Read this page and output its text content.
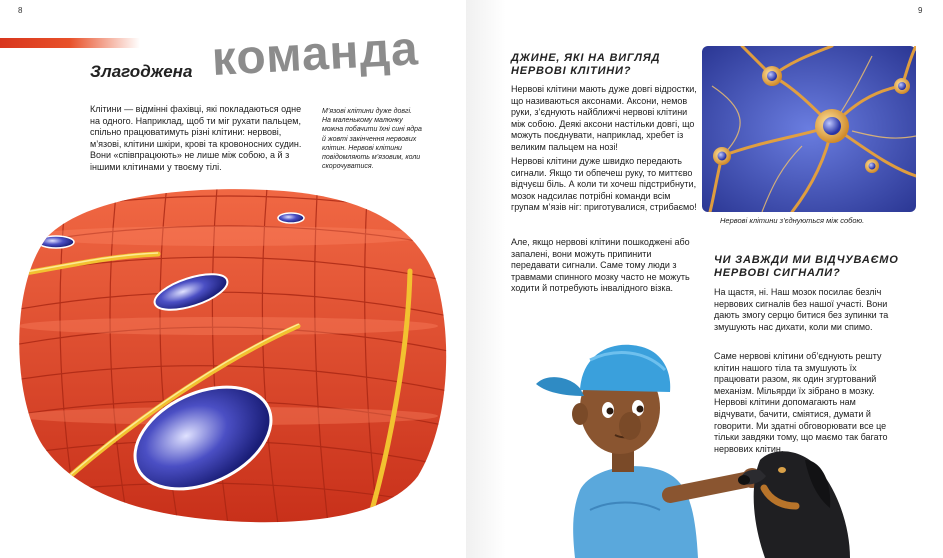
8
Злагоджена команда
Клітини — відмінні фахівці, які покладаються одне на одного. Наприклад, щоб ти міг рухати пальцем, спільно працюватимуть різні клітини: нервові, м’язові, клітини шкіри, крові та кровоносних судин. Вони «співпрацюють» не лише між собою, а й з іншими клітинами у твоєму тілі.
М’язові клітини дуже довгі. На маленькому малюнку можна побачити їхні сині ядра й жовті закінчення нервових клітин. Нервові клітини повідомляють м’язовим, коли скорочуватися.
9
ДЖИНЕ, ЯКІ НА ВИГЛЯД НЕРВОВІ КЛІТИНИ?
Нервові клітини мають дуже довгі відростки, що називаються аксонами. Аксони, немов руки, з’єднують найближчі нервові клітини між собою. Деякі аксони настільки довгі, що можуть поєднувати, наприклад, хребет із великим пальцем на нозі!
Нервові клітини дуже швидко передають сигнали. Якщо ти обпечеш руку, то миттєво відчуєш біль. А коли ти хочеш підстрибнути, мозок надсилає потрібні команди всім групам м’язів ніг: приготувалися, стрибаємо!
Але, якщо нервові клітини пошкоджені або запалені, вони можуть припинити передавати сигнали. Саме тому люди з травмами спинного мозку часто не можуть ходити й потребують інвалідного візка.
Нервові клітини з’єднуються між собою.
ЧИ ЗАВЖДИ МИ ВІДЧУВАЄМО НЕРВОВІ СИГНАЛИ?
На щастя, ні. Наш мозок посилає безліч нервових сигналів без нашої участі. Вони дають змогу серцю битися без зупинки та змушують нас дихати, коли ми спимо.
Саме нервові клітини об’єднують решту клітин нашого тіла та змушують їх працювати разом, як один згуртований механізм. Мільярди їх зібрано в мозку. Нервові клітини допомагають нам відчувати, бачити, сміятися, думати й говорити. Ми здатні обговорювати все це тільки завдяки тому, що маємо так багато нервових клітин.
